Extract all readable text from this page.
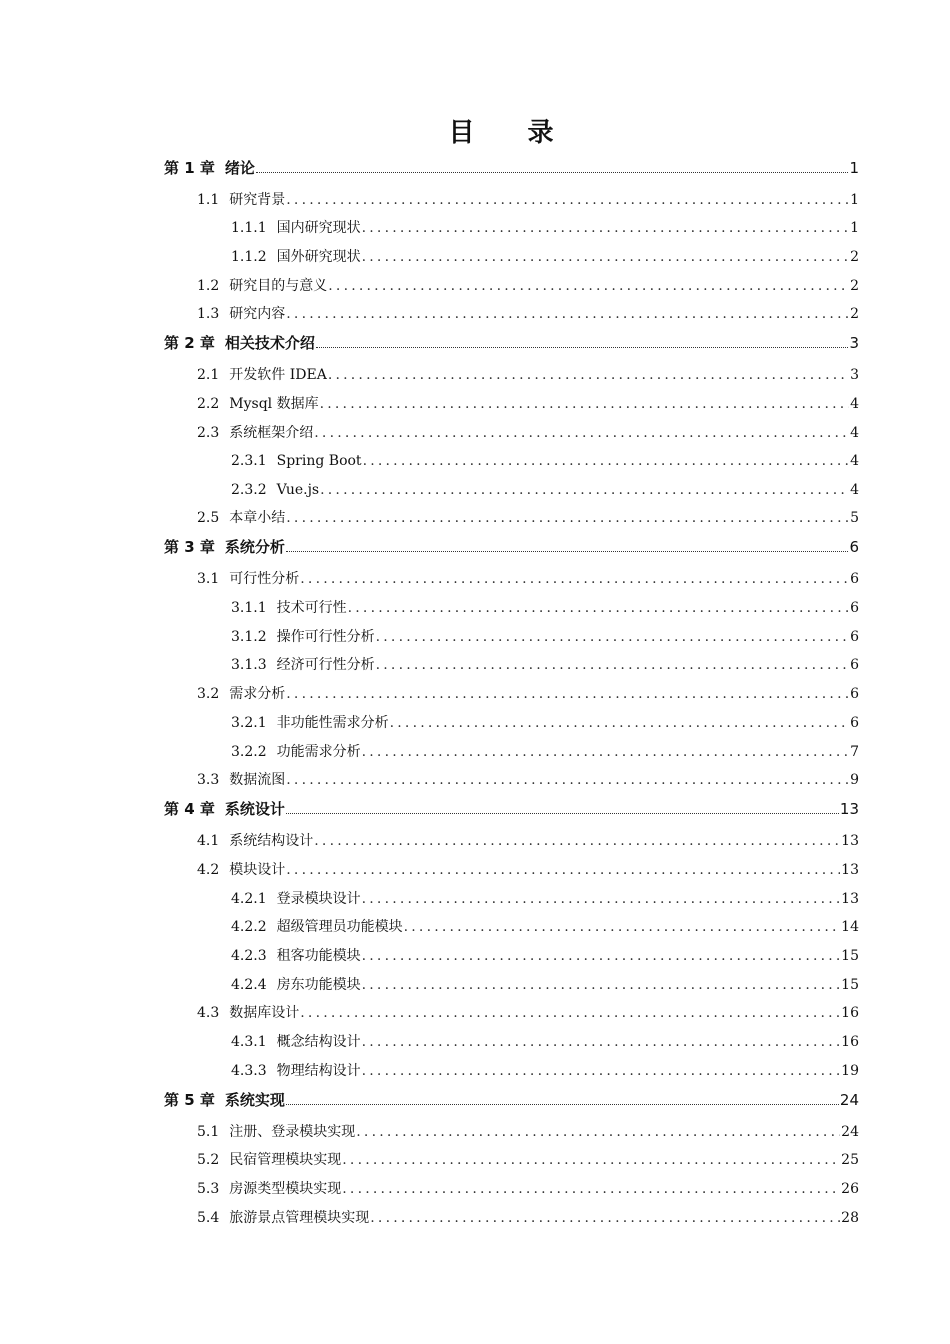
目 录
第 1 章 绪论	1
1.1 研究背景 .....	1
1.1.1 国内研究现状 .....	1
1.1.2 国外研究现状 .....	2
1.2 研究目的与意义 .....	2
1.3 研究内容 .....	2
第 2 章 相关技术介绍	3
2.1 开发软件 IDEA .....	3
2.2 Mysql 数据库 .....	4
2.3 系统框架介绍 .....	4
2.3.1 Spring Boot .....	4
2.3.2 Vue.js .....	4
2.5 本章小结 .....	5
第 3 章 系统分析	6
3.1 可行性分析 .....	6
3.1.1 技术可行性 .....	6
3.1.2 操作可行性分析 .....	6
3.1.3 经济可行性分析 .....	6
3.2 需求分析 .....	6
3.2.1 非功能性需求分析 .....	6
3.2.2 功能需求分析 .....	7
3.3 数据流图 .....	9
第 4 章 系统设计	13
4.1 系统结构设计 .....	13
4.2 模块设计 .....	13
4.2.1 登录模块设计 .....	13
4.2.2 超级管理员功能模块 .....	14
4.2.3 租客功能模块 .....	15
4.2.4 房东功能模块 .....	15
4.3 数据库设计 .....	16
4.3.1 概念结构设计 .....	16
4.3.3 物理结构设计 .....	19
第 5 章 系统实现	24
5.1 注册、登录模块实现 .....	24
5.2 民宿管理模块实现 .....	25
5.3 房源类型模块实现 .....	26
5.4 旅游景点管理模块实现 .....	28
